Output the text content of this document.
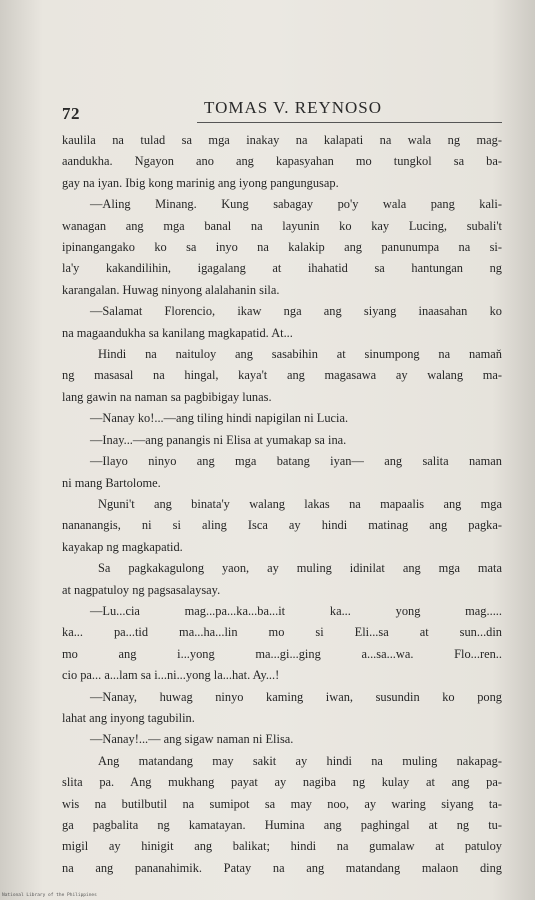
72	TOMAS V. REYNOSO
kaulila na tulad sa mga inakay na kalapati na wala ng mag-
aandukha. Ngayon ano ang kapasyahan mo tungkol sa ba-
gay na iyan. Ibig kong marinig ang iyong pangungusap.
—Aling Minang. Kung sabagay po'y wala pang kali-
wanagan ang mga banal na layunin ko kay Lucing, subali't
ipinangangako ko sa inyo na kalakip ang panunumpa na si-
la'y kakandilihin, igagalang at ihahatid sa hantungan ng
karangalan. Huwag ninyong alalahanin sila.
—Salamat Florencio, ikaw nga ang siyang inaasahan ko
na magaandukha sa kanilang magkapatid. At...
Hindi na naituloy ang sasabihin at sinumpong na namaň
ng masasal na hingal, kaya't ang magasawa ay walang ma-
lang gawin na naman sa pagbibigay lunas.
—Nanay ko!...—ang tiling hindi napigilan ni Lucia.
—Inay...—ang panangis ni Elisa at yumakap sa ina.
—Ilayo ninyo ang mga batang iyan— ang salita naman
ni mang Bartolome.
Nguni't ang binata'y walang lakas na mapaalis ang mga
nananangis, ni si aling Isca ay hindi matinag ang pagka-
kayakap ng magkapatid.
Sa pagkakagulong yaon, ay muling idinilat ang mga mata
at nagpatuloy ng pagsasalaysay.
—Lu...cia mag...pa...ka...ba...it ka... yong mag.....
ka... pa...tid ma...ha...lin mo si Eli...sa at sun...din
mo ang i...yong ma...gi...ging a...sa...wa. Flo...ren..
cio pa... a...lam sa i...ni...yong la...hat. Ay...!
—Nanay, huwag ninyo kaming iwan, susundin ko pong
lahat ang inyong tagubilin.
—Nanay!...— ang sigaw naman ni Elisa.
Ang matandang may sakit ay hindi na muling nakapag-
slita pa. Ang mukhang payat ay nagiba ng kulay at ang pa-
wis na butilbutil na sumipot sa may noo, ay waring siyang ta-
ga pagbalita ng kamatayan. Humina ang paghingal at ng tu-
migil ay hinigit ang balikat; hindi na gumalaw at patuloy
na ang pananahimik. Patay na ang matandang malaon ding
National Library of the Philippines
